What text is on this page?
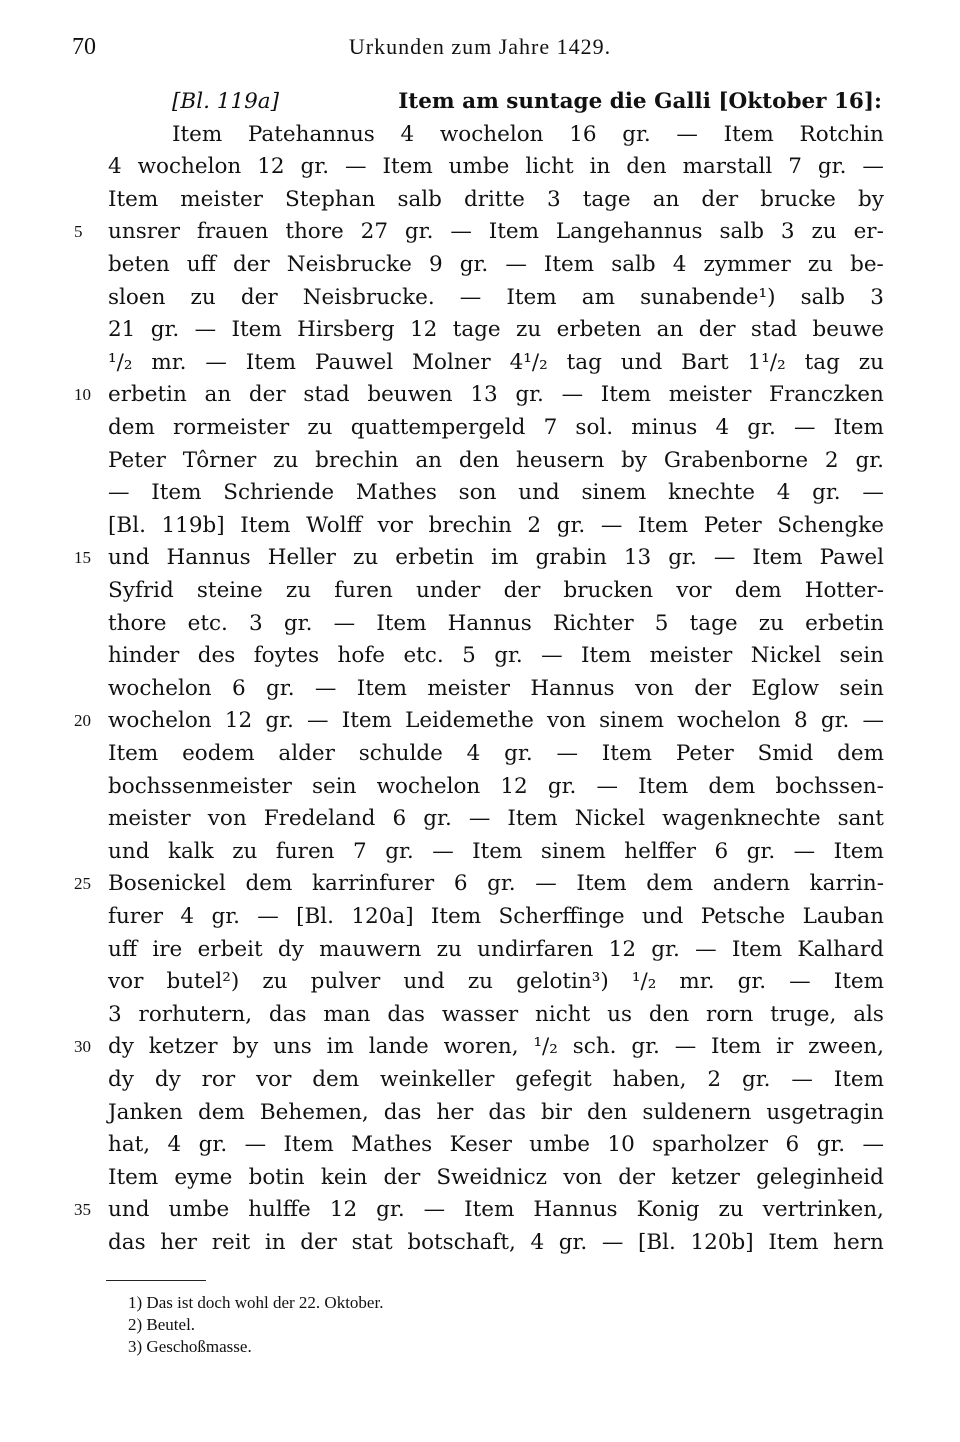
70	Urkunden zum Jahre 1429.
[Bl. 119a]	Item am suntage die Galli [Oktober 16]:
Item Patehannus 4 wochelon 16 gr. — Item Rotchin
4 wochelon 12 gr. — Item umbe licht in den marstall 7 gr. —
Item meister Stephan salb dritte 3 tage an der brucke by
unsrer frauen thore 27 gr. — Item Langehannus salb 3 zu er-
beten uff der Neisbrucke 9 gr. — Item salb 4 zymmer zu be-
sloen zu der Neisbrucke. — Item am sunabende¹) salb 3
21 gr. — Item Hirsberg 12 tage zu erbeten an der stad beuwe
¹/₂ mr. — Item Pauwel Molner 4¹/₂ tag und Bart 1¹/₂ tag zu
erbetin an der stad beuwen 13 gr. — Item meister Franczken
dem rormeister zu quattempergeld 7 sol. minus 4 gr. — Item
Peter Tôrner zu brechin an den heusern by Grabenborne 2 gr.
— Item Schriende Mathes son und sinem knechte 4 gr. —
[Bl. 119b] Item Wolff vor brechin 2 gr. — Item Peter Schengke
und Hannus Heller zu erbetin im grabin 13 gr. — Item Pawel
Syfrid steine zu furen under der brucken vor dem Hotter-
thore etc. 3 gr. — Item Hannus Richter 5 tage zu erbetin
hinder des foytes hofe etc. 5 gr. — Item meister Nickel sein
wochelon 6 gr. — Item meister Hannus von der Eglow sein
wochelon 12 gr. — Item Leidemethe von sinem wochelon 8 gr. —
Item eodem alder schulde 4 gr. — Item Peter Smid dem
bochssenmeister sein wochelon 12 gr. — Item dem bochssen-
meister von Fredeland 6 gr. — Item Nickel wagenknechte sant
und kalk zu furen 7 gr. — Item sinem helffer 6 gr. — Item
Bosenickel dem karrinfurer 6 gr. — Item dem andern karrin-
furer 4 gr. — [Bl. 120a] Item Scherffinge und Petsche Lauban
uff ire erbeit dy mauwern zu undirfaren 12 gr. — Item Kalhard
vor butel²) zu pulver und zu gelotin³) ¹/₂ mr. gr. — Item
3 rorhutern, das man das wasser nicht us den rorn truge, als
dy ketzer by uns im lande woren, ¹/₂ sch. gr. — Item ir zween,
dy dy ror vor dem weinkeller gefegit haben, 2 gr. — Item
Janken dem Behemen, das her das bir den suldenern usgetragin
hat, 4 gr. — Item Mathes Keser umbe 10 sparholzer 6 gr. —
Item eyme botin kein der Sweidnicz von der ketzer geleginheid
und umbe hulffe 12 gr. — Item Hannus Konig zu vertrinken,
das her reit in der stat botschaft, 4 gr. — [Bl. 120b] Item hern
5
10
15
20
25
30
35
1) Das ist doch wohl der 22. Oktober.
2) Beutel.
3) Geschoßmasse.
